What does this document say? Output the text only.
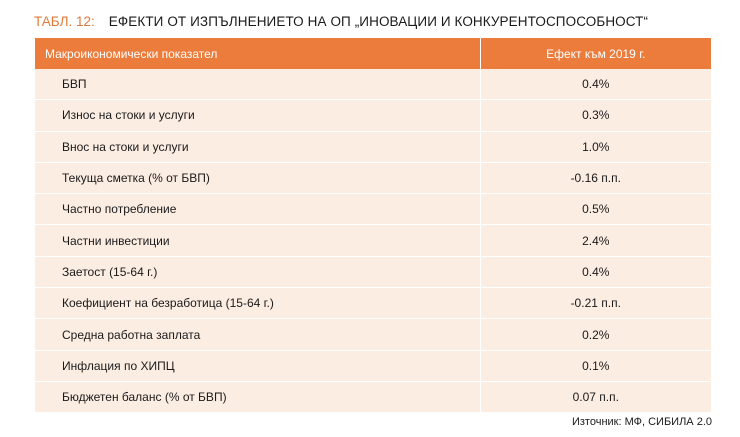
ТАБЛ. 12: ЕФЕКТИ ОТ ИЗПЪЛНЕНИЕТО НА ОП „ИНОВАЦИИ И КОНКУРЕНТОСПОСОБНОСТ“
Макроикономически показател	Ефект към 2019 г.
БВП	0.4%
Износ на стоки и услуги	0.3%
Внос на стоки и услуги	1.0%
Текуща сметка (% от БВП)	-0.16 п.п.
Частно потребление	0.5%
Частни инвестиции	2.4%
Заетост (15-64 г.)	0.4%
Коефициент на безработица (15-64 г.)	-0.21 п.п.
Средна работна заплата	0.2%
Инфлация по ХИПЦ	0.1%
Бюджетен баланс (% от БВП)	0.07 п.п.
Източник: МФ, СИБИЛА 2.0
